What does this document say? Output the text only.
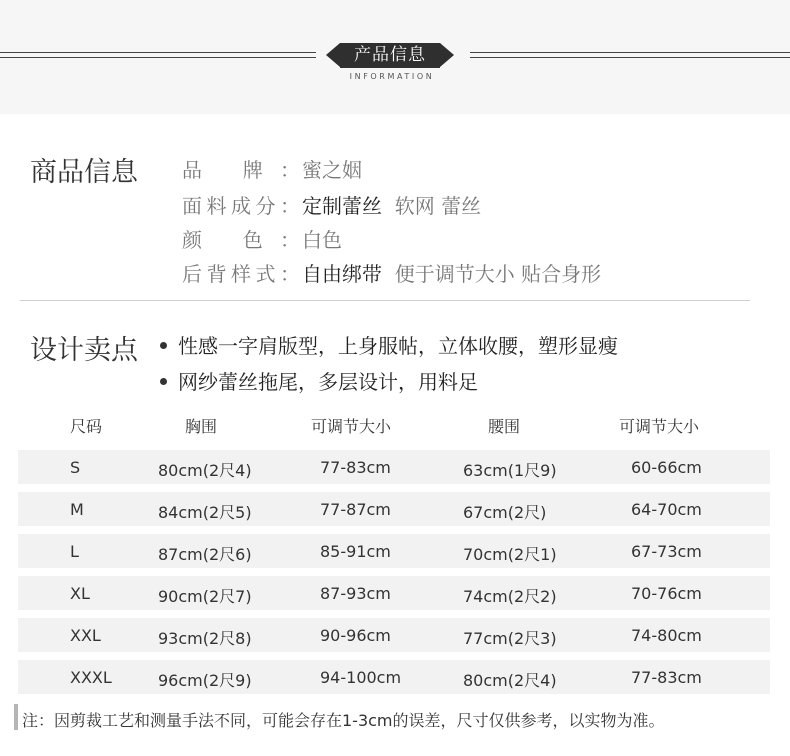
产品信息
INFORMATION
商品信息 品 牌： 蜜之姻
面料成分： 定制蕾丝 软网 蕾丝
颜 色： 白色
后背样式： 自由绑带 便于调节大小 贴合身形
设计卖点	性感一字肩版型，上身服帖，立体收腰，塑形显瘦
网纱蕾丝拖尾，多层设计，用料足
尺码	胸围	可调节大小	腰围	可调节大小
S	80cm(2尺4)	77-83cm	63cm(1尺9)	60-66cm
M	84cm(2尺5)	77-87cm	67cm(2尺)	64-70cm
L	87cm(2尺6)	85-91cm	70cm(2尺1)	67-73cm
XL	90cm(2尺7)	87-93cm	74cm(2尺2)	70-76cm
XXL	93cm(2尺8)	90-96cm	77cm(2尺3)	74-80cm
XXXL	96cm(2尺9)	94-100cm	80cm(2尺4)	77-83cm
注：因剪裁工艺和测量手法不同，可能会存在1-3cm的误差，尺寸仅供参考，以实物为准。
